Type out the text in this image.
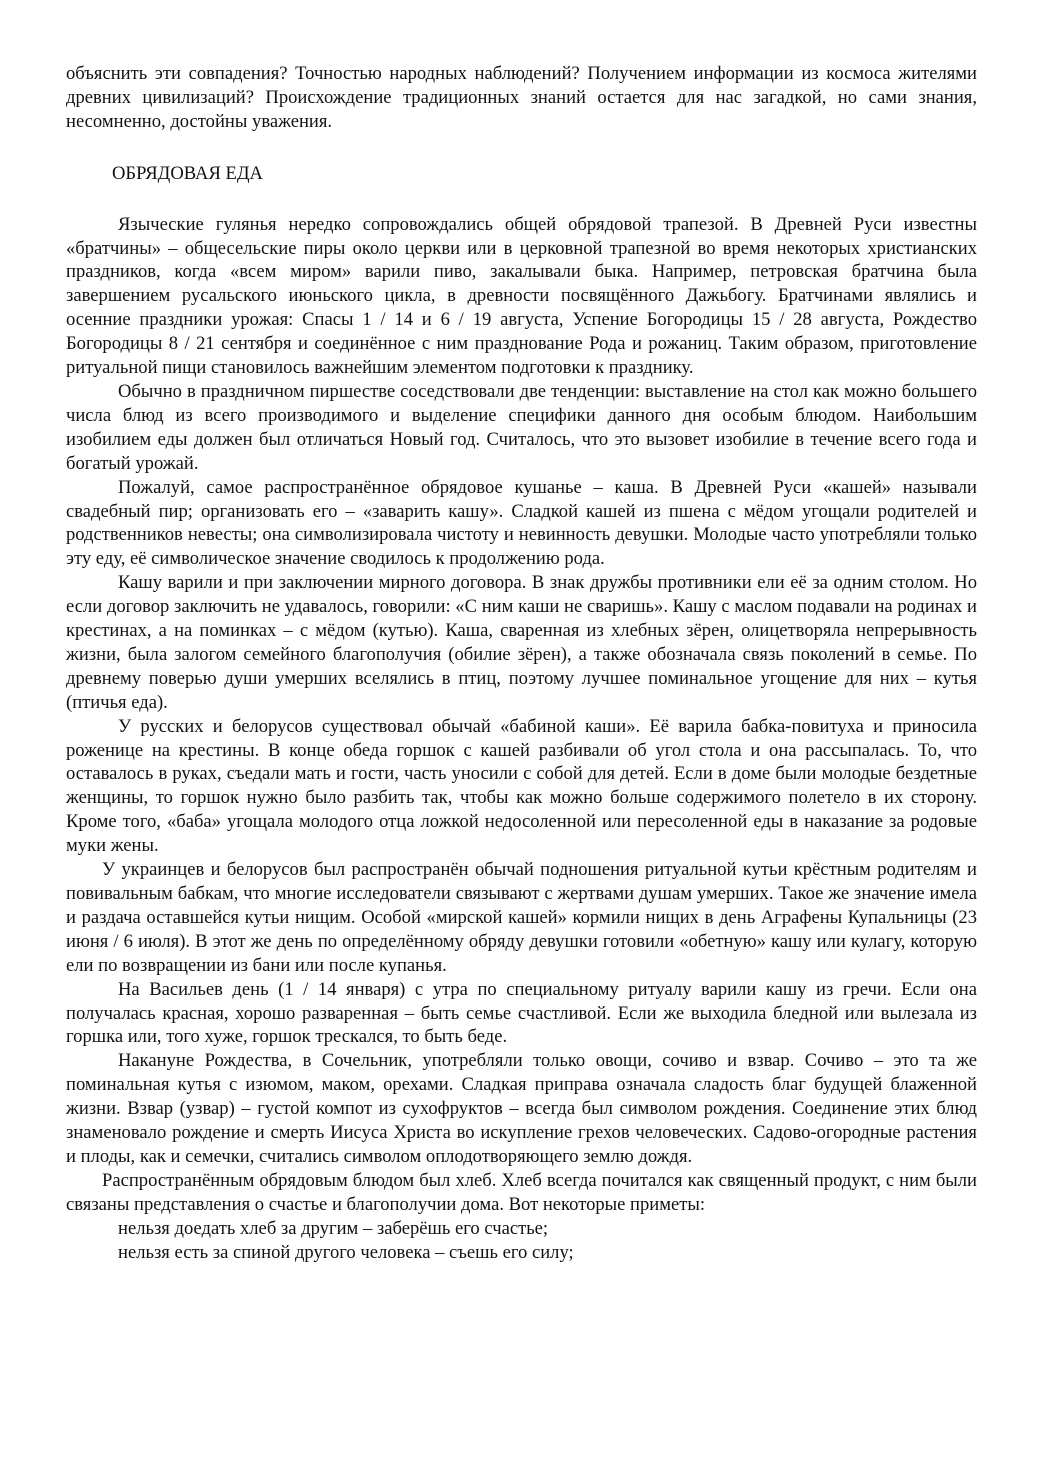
объяснить эти совпадения? Точностью народных наблюдений? Получением информации из космоса жителями древних цивилизаций? Происхождение традиционных знаний остается для нас загадкой, но сами знания, несомненно, достойны уважения.

ОБРЯДОВАЯ ЕДА

Языческие гулянья нередко сопровождались общей обрядовой трапезой. В Древней Руси известны «братчины» – общесельские пиры около церкви или в церковной трапезной во время некоторых христианских праздников, когда «всем миром» варили пиво, закалывали быка. Например, петровская братчина была завершением русальского июньского цикла, в древности посвящённого Дажьбогу. Братчинами являлись и осенние праздники урожая: Спасы 1 / 14 и 6 / 19 августа, Успение Богородицы 15 / 28 августа, Рождество Богородицы 8 / 21 сентября и соединённое с ним празднование Рода и рожаниц. Таким образом, приготовление ритуальной пищи становилось важнейшим элементом подготовки к празднику.

Обычно в праздничном пиршестве соседствовали две тенденции: выставление на стол как можно большего числа блюд из всего производимого и выделение специфики данного дня особым блюдом. Наибольшим изобилием еды должен был отличаться Новый год. Считалось, что это вызовет изобилие в течение всего года и богатый урожай.

Пожалуй, самое распространённое обрядовое кушанье – каша. В Древней Руси «кашей» называли свадебный пир; организовать его – «заварить кашу». Сладкой кашей из пшена с мёдом угощали родителей и родственников невесты; она символизировала чистоту и невинность девушки. Молодые часто употребляли только эту еду, её символическое значение сводилось к продолжению рода.

Кашу варили и при заключении мирного договора. В знак дружбы противники ели её за одним столом. Но если договор заключить не удавалось, говорили: «С ним каши не сваришь». Кашу с маслом подавали на родинах и крестинах, а на поминках – с мёдом (кутью). Каша, сваренная из хлебных зёрен, олицетворяла непрерывность жизни, была залогом семейного благополучия (обилие зёрен), а также обозначала связь поколений в семье. По древнему поверью души умерших вселялись в птиц, поэтому лучшее поминальное угощение для них – кутья (птичья еда).

У русских и белорусов существовал обычай «бабиной каши». Её варила бабка-повитуха и приносила роженице на крестины. В конце обеда горшок с кашей разбивали об угол стола и она рассыпалась. То, что оставалось в руках, съедали мать и гости, часть уносили с собой для детей. Если в доме были молодые бездетные женщины, то горшок нужно было разбить так, чтобы как можно больше содержимого полетело в их сторону. Кроме того, «баба» угощала молодого отца ложкой недосоленной или пересоленной еды в наказание за родовые муки жены.

У украинцев и белорусов был распространён обычай подношения ритуальной кутьи крёстным родителям и повивальным бабкам, что многие исследователи связывают с жертвами душам умерших. Такое же значение имела и раздача оставшейся кутьи нищим. Особой «мирской кашей» кормили нищих в день Аграфены Купальницы (23 июня / 6 июля). В этот же день по определённому обряду девушки готовили «обетную» кашу или кулагу, которую ели по возвращении из бани или после купанья.

На Васильев день (1 / 14 января) с утра по специальному ритуалу варили кашу из гречи. Если она получалась красная, хорошо разваренная – быть семье счастливой. Если же выходила бледной или вылезала из горшка или, того хуже, горшок трескался, то быть беде.

Накануне Рождества, в Сочельник, употребляли только овощи, сочиво и взвар. Сочиво – это та же поминальная кутья с изюмом, маком, орехами. Сладкая приправа означала сладость благ будущей блаженной жизни. Взвар (узвар) – густой компот из сухофруктов – всегда был символом рождения. Соединение этих блюд знаменовало рождение и смерть Иисуса Христа во искупление грехов человеческих. Садово-огородные растения и плоды, как и семечки, считались символом оплодотворяющего землю дождя.

Распространённым обрядовым блюдом был хлеб. Хлеб всегда почитался как священный продукт, с ним были связаны представления о счастье и благополучии дома. Вот некоторые приметы:

нельзя доедать хлеб за другим – заберёшь его счастье;

нельзя есть за спиной другого человека – съешь его силу;
